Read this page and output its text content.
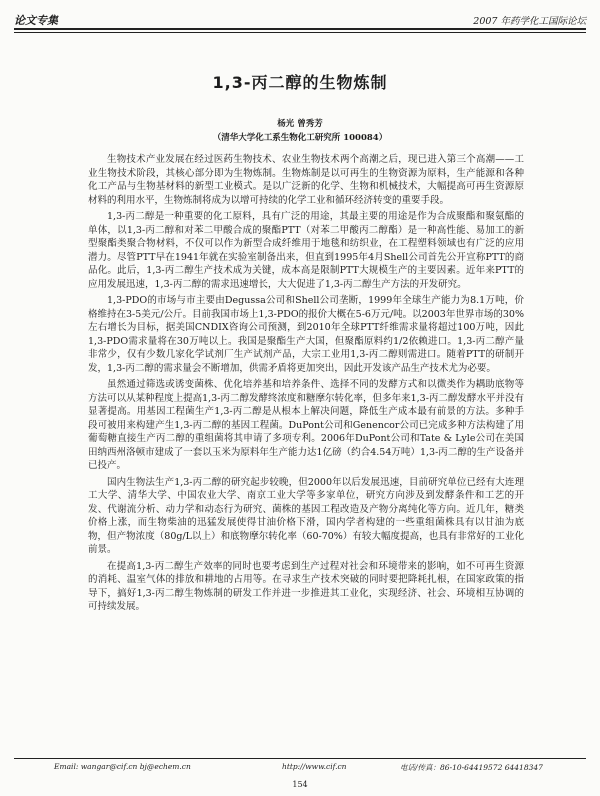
论文专集	2007 年药学化工国际论坛
1,3-丙二醇的生物炼制
杨光 曾秀芳
（清华大学化工系生物化工研究所 100084）

生物技术产业发展在经过医药生物技术、农业生物技术两个高潮之后，现已进入第三个高潮——工业生物技术阶段，其核心部分即为生物炼制。生物炼制是以可再生的生物资源为原料，生产能源和各种化工产品与生物基材料的新型工业模式。是以广泛新的化学、生物和机械技术，大幅提高可再生资源原材料的利用水平，生物炼制将成为以增可持续的化学工业和循环经济转变的重要手段。

1,3-丙二醇是一种重要的化工原料，具有广泛的用途，其最主要的用途是作为合成聚酯和聚氨酯的单体，以1,3-丙二醇和对苯二甲酸合成的聚酯PTT（对苯二甲酸丙二醇酯）是一种高性能、易加工的新型聚酯类聚合物材料，不仅可以作为新型合成纤维用于地毯和纺织业，在工程塑料领域也有广泛的应用潜力。尽管PTT早在1941年就在实验室制备出来，但直到1995年4月Shell公司首先公开宣称PTT的商品化。此后，1,3-丙二醇生产技术成为关键，成本高是限制PTT大规模生产的主要因素。近年来PTT的应用发展迅速，1,3-丙二醇的需求迅速增长，大大促进了1,3-丙二醇生产方法的开发研究。

1,3-PDO的市场与市主要由Degussa公司和Shell公司垄断，1999年全球生产能力为8.1万吨，价格维持在3-5美元/公斤。目前我国市场上1,3-PDO的报价大概在5-6万元/吨。以2003年世界市场的30%左右增长为目标，据美国CNDIX咨询公司预测，到2010年全球PTT纤维需求量将超过100万吨，因此1,3-PDO需求量将在30万吨以上。我国是聚酯生产大国，但聚酯原料约1/2依赖进口。1,3-丙二醇产量非常少，仅有少数几家化学试剂厂生产试剂产品，大宗工业用1,3-丙二醇则需进口。随着PTT的研制开发，1,3-丙二醇的需求量会不断增加，供需矛盾将更加突出，因此开发该产品生产技术尤为必要。

虽然通过筛选或诱变菌株、优化培养基和培养条件、选择不同的发酵方式和以微类作为耦助底物等方法可以从某种程度上提高1,3-丙二醇发酵终浓度和糖摩尔转化率，但多年来1,3-丙二醇发酵水平并没有显著提高。用基因工程菌生产1,3-丙二醇是从根本上解决问题，降低生产成本最有前景的方法。多种手段可被用来构建产生1,3-丙二醇的基因工程菌。DuPont公司和Genencor公司已完成多种方法构建了用葡萄糖直接生产丙二醇的重组菌将其申请了多项专利。2006年DuPont公司和Tate & Lyle公司在美国田纳西州洛顿市建成了一套以玉米为原料年生产能力达1亿磅（约合4.54万吨）1,3-丙二醇的生产设备并已投产。

国内生物法生产1,3-丙二醇的研究起步较晚，但2000年以后发展迅速，目前研究单位已经有大连理工大学、清华大学、中国农业大学、南京工业大学等多家单位，研究方向涉及到发酵条件和工艺的开发、代谢流分析、动力学和动态行为研究、菌株的基因工程改造及产物分离纯化等方向。近几年，糖类价格上涨，而生物柴油的迅猛发展使得甘油价格下滑，国内学者构建的一些重组菌株具有以甘油为底物，但产物浓度（80g/L以上）和底物摩尔转化率（60-70%）有较大幅度提高，也具有非常好的工业化前景。

在提高1,3-丙二醇生产效率的同时也要考虑到生产过程对社会和环境带来的影响，如不可再生资源的消耗、温室气体的排放和耕地的占用等。在寻求生产技术突破的同时要把降耗扎根，在国家政策的指导下，搞好1,3-丙二醇生物炼制的研发工作并进一步推进其工业化，实现经济、社会、环境相互协调的可持续发展。

Email: wangar@cif.cn bj@echem.cn	http://www.cif.cn	电话/传真：86-10-64419572 64418347
154
